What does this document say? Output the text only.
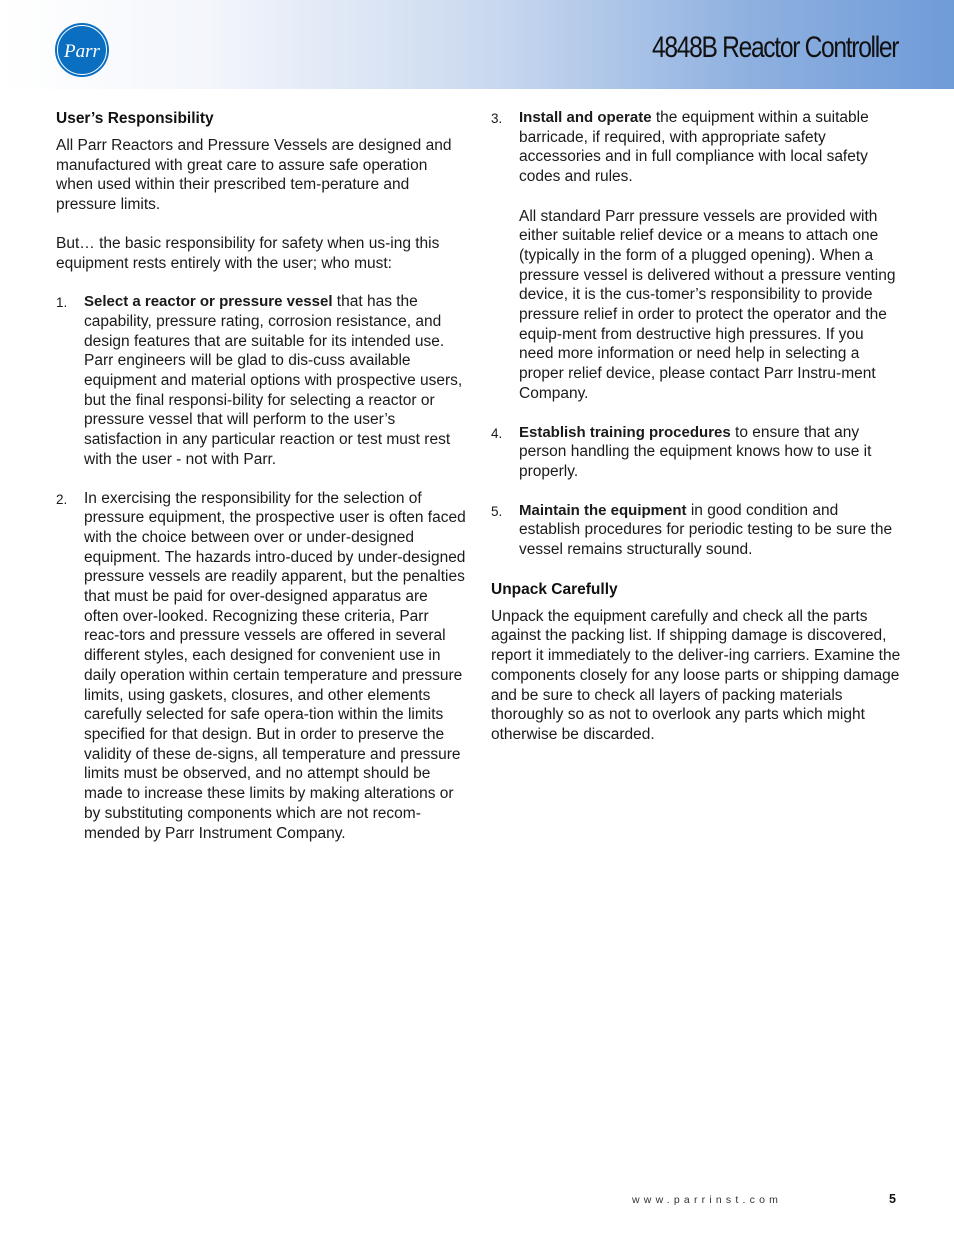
Parr	4848B Reactor Controller
User’s Responsibility
All Parr Reactors and Pressure Vessels are designed and manufactured with great care to assure safe operation when used within their prescribed tem-perature and pressure limits.
But… the basic responsibility for safety when us-ing this equipment rests entirely with the user; who must:
1. Select a reactor or pressure vessel that has the capability, pressure rating, corrosion resistance, and design features that are suitable for its intended use. Parr engineers will be glad to dis-cuss available equipment and material options with prospective users, but the final responsi-bility for selecting a reactor or pressure vessel that will perform to the user’s satisfaction in any particular reaction or test must rest with the user - not with Parr.
2. In exercising the responsibility for the selection of pressure equipment, the prospective user is often faced with the choice between over or under-designed equipment. The hazards intro-duced by under-designed pressure vessels are readily apparent, but the penalties that must be paid for over-designed apparatus are often over-looked. Recognizing these criteria, Parr reac-tors and pressure vessels are offered in several different styles, each designed for convenient use in daily operation within certain temperature and pressure limits, using gaskets, closures, and other elements carefully selected for safe opera-tion within the limits specified for that design. But in order to preserve the validity of these de-signs, all temperature and pressure limits must be observed, and no attempt should be made to increase these limits by making alterations or by substituting components which are not recom-mended by Parr Instrument Company.
3. Install and operate the equipment within a suitable barricade, if required, with appropriate safety accessories and in full compliance with local safety codes and rules.
All standard Parr pressure vessels are provided with either suitable relief device or a means to attach one (typically in the form of a plugged opening). When a pressure vessel is delivered without a pressure venting device, it is the cus-tomer’s responsibility to provide pressure relief in order to protect the operator and the equip-ment from destructive high pressures. If you need more information or need help in selecting a proper relief device, please contact Parr Instru-ment Company.
4. Establish training procedures to ensure that any person handling the equipment knows how to use it properly.
5. Maintain the equipment in good condition and establish procedures for periodic testing to be sure the vessel remains structurally sound.
Unpack Carefully
Unpack the equipment carefully and check all the parts against the packing list. If shipping damage is discovered, report it immediately to the deliver-ing carriers. Examine the components closely for any loose parts or shipping damage and be sure to check all layers of packing materials thoroughly so as not to overlook any parts which might otherwise be discarded.
www.parrinst.com	5
